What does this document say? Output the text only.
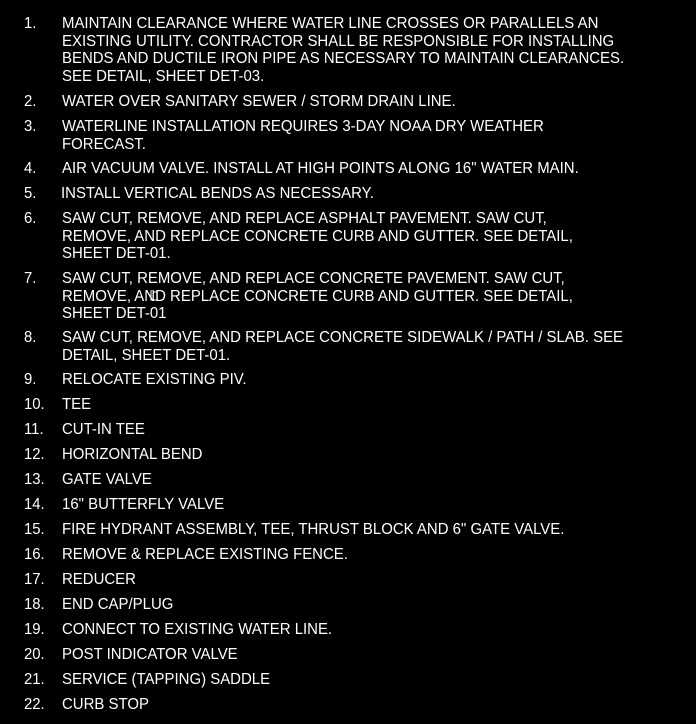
1. MAINTAIN CLEARANCE WHERE WATER LINE CROSSES OR PARALLELS AN
EXISTING UTILITY. CONTRACTOR SHALL BE RESPONSIBLE FOR INSTALLING
BENDS AND DUCTILE IRON PIPE AS NECESSARY TO MAINTAIN CLEARANCES.
SEE DETAIL, SHEET DET-03.
2. WATER OVER SANITARY SEWER / STORM DRAIN LINE.
3. WATERLINE INSTALLATION REQUIRES 3-DAY NOAA DRY WEATHER
FORECAST.
4. AIR VACUUM VALVE. INSTALL AT HIGH POINTS ALONG 16" WATER MAIN.
5. INSTALL VERTICAL BENDS AS NECESSARY.
6. SAW CUT, REMOVE, AND REPLACE ASPHALT PAVEMENT. SAW CUT,
REMOVE, AND REPLACE CONCRETE CURB AND GUTTER. SEE DETAIL,
SHEET DET-01.
7. SAW CUT, REMOVE, AND REPLACE CONCRETE PAVEMENT. SAW CUT,
REMOVE, AND REPLACE CONCRETE CURB AND GUTTER. SEE DETAIL,
SHEET DET-01
8. SAW CUT, REMOVE, AND REPLACE CONCRETE SIDEWALK / PATH / SLAB. SEE
DETAIL, SHEET DET-01.
9. RELOCATE EXISTING PIV.
10. TEE
11. CUT-IN TEE
12. HORIZONTAL BEND
13. GATE VALVE
14. 16" BUTTERFLY VALVE
15. FIRE HYDRANT ASSEMBLY, TEE, THRUST BLOCK AND 6" GATE VALVE.
16. REMOVE & REPLACE EXISTING FENCE.
17. REDUCER
18. END CAP/PLUG
19. CONNECT TO EXISTING WATER LINE.
20. POST INDICATOR VALVE
21. SERVICE (TAPPING) SADDLE
22. CURB STOP
